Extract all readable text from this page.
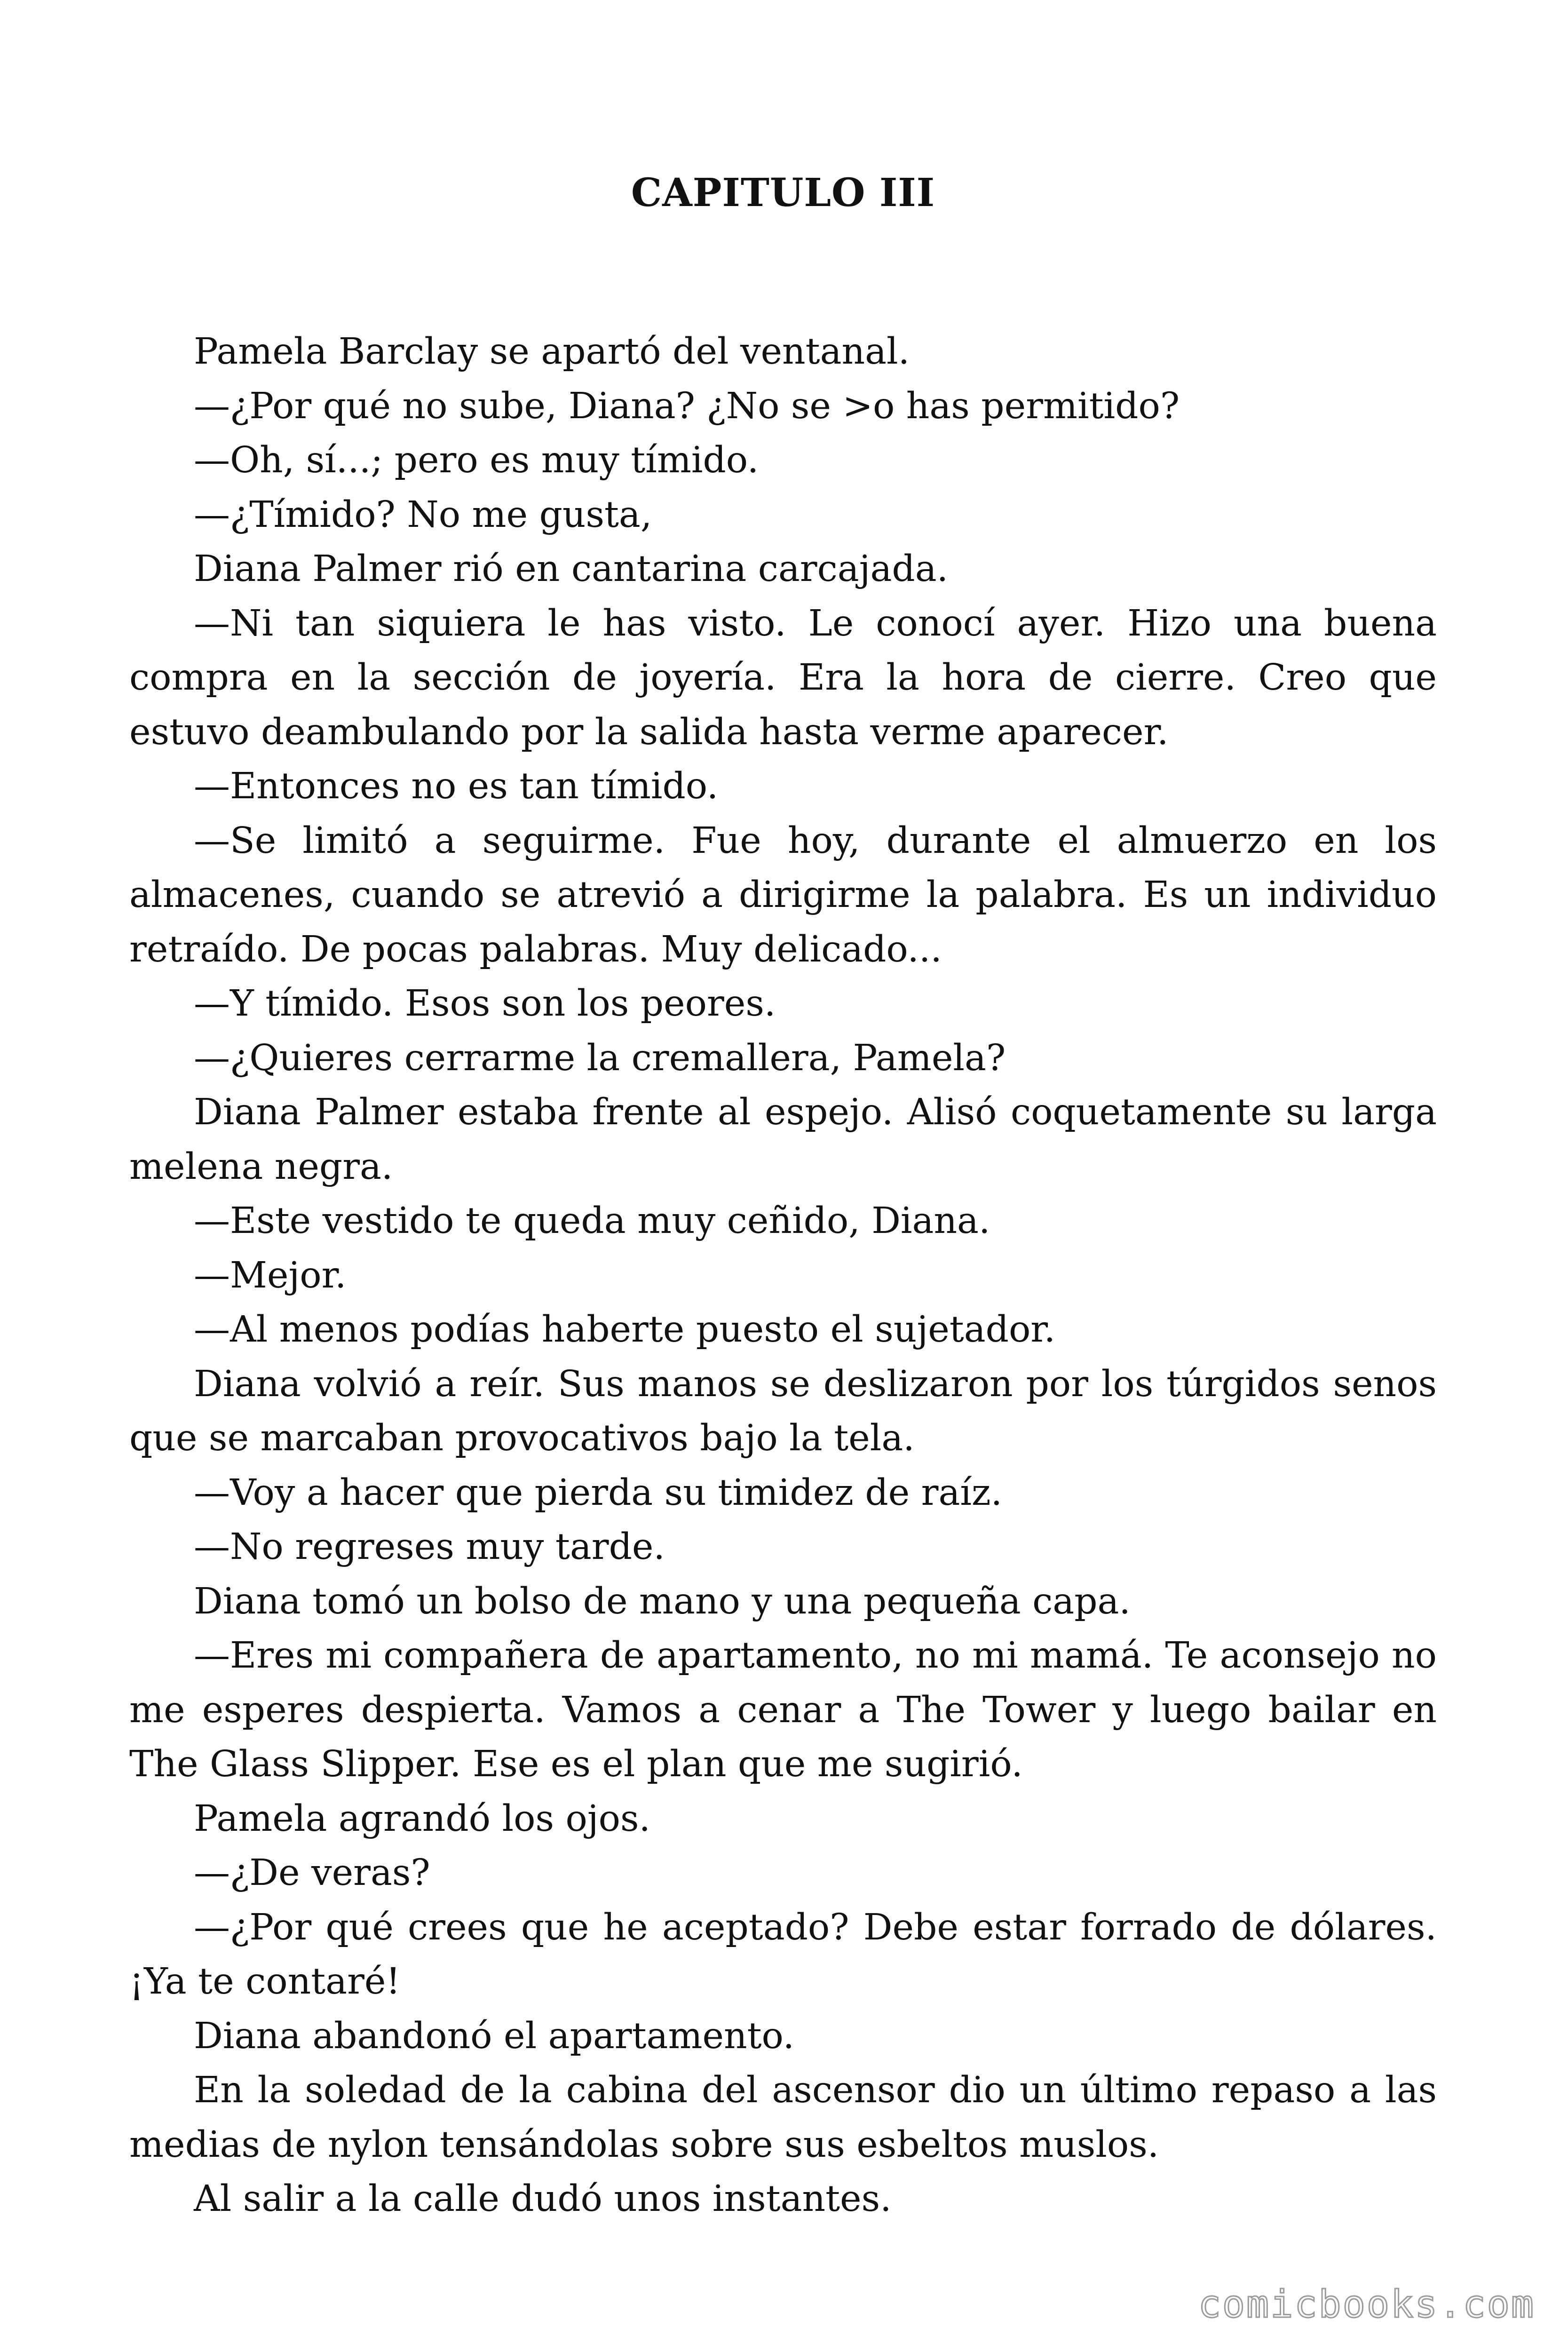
CAPITULO III

Pamela Barclay se apartó del ventanal.

—¿Por qué no sube, Diana? ¿No se >o has permitido?

—Oh, sí...; pero es muy tímido.

—¿Tímido? No me gusta,

Diana Palmer rió en cantarina carcajada.

—Ni tan siquiera le has visto. Le conocí ayer. Hizo una buena compra en la sección de joyería. Era la hora de cierre. Creo que estuvo deambulando por la salida hasta verme aparecer.

—Entonces no es tan tímido.

—Se limitó a seguirme. Fue hoy, durante el almuerzo en los almacenes, cuando se atrevió a dirigirme la palabra. Es un individuo retraído. De pocas palabras. Muy delicado...

—Y tímido. Esos son los peores.

—¿Quieres cerrarme la cremallera, Pamela?

Diana Palmer estaba frente al espejo. Alisó coquetamente su larga melena negra.

—Este vestido te queda muy ceñido, Diana.

—Mejor.

—Al menos podías haberte puesto el sujetador.

Diana volvió a reír. Sus manos se deslizaron por los túrgidos senos que se marcaban provocativos bajo la tela.

—Voy a hacer que pierda su timidez de raíz.

—No regreses muy tarde.

Diana tomó un bolso de mano y una pequeña capa.

—Eres mi compañera de apartamento, no mi mamá. Te aconsejo no me esperes despierta. Vamos a cenar a The Tower y luego bailar en The Glass Slipper. Ese es el plan que me sugirió.

Pamela agrandó los ojos.

—¿De veras?

—¿Por qué crees que he aceptado? Debe estar forrado de dólares. ¡Ya te contaré!

Diana abandonó el apartamento.

En la soledad de la cabina del ascensor dio un último repaso a las medias de nylon tensándolas sobre sus esbeltos muslos.

Al salir a la calle dudó unos instantes.

comicbooks.com
